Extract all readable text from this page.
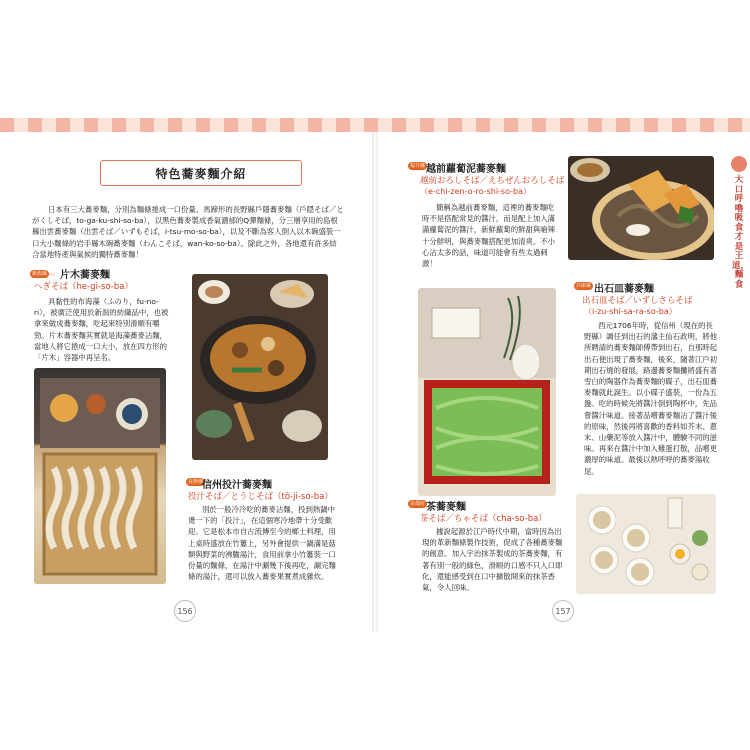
特色蕎麥麵介紹

日本有三大蕎麥麵，分別為麵條捲成一口份量、馬蹄形的長野縣戶隱蕎麥麵（戶隠そば／とがくしそば，to-ga-ku-shi-so-ba），以黑色蕎麥製成香氣濃郁的Q彈麵條，分三層享用的島根縣出雲蕎麥麵（出雲そば／いずもそば，i-tsu-mo-so-ba），以及不斷為客人倒入以木碗盛裝一口大小麵條的岩手縣木碗蕎麥麵（わんこそば，wan-ko-so-ba）。除此之外，各地還有許多結合當地特產與氣候的獨特蕎麥麵！

新潟縣
〰 片木蕎麥麵

へぎそば（he-gi-so-ba）

具黏性的布海藻（ふのり，fu-no-ri），被廣泛使用於新潟的紡織品中，也被拿來做成蕎麥麵，吃起來特別滑順有嚼勁。片木蕎麥麵其實就是海藻蕎麥沾麵，當地人將它捲成一口大小，放在四方形的「片木」容器中再呈名。

長野縣

信州投汁蕎麥麵

投汁そば／とうじそば（tō-ji-so-ba）

別於一般冷冷吃的蕎麥沾麵，投到熱鍋中燙一下的「投汁」，在這個寒冷地帶十分受歡迎。它是松本市自古流傳至今的鄉土料理，用上桌時盛放在竹簍上，另外會提供一鍋滿是菇類與野菜的沸騰湯汁，食用前拿小竹簍裝一口份量的麵條，在湯汁中涮幾下後再吃，涮完麵條的湯汁，還可以放入蕎麥果實煮成雜炊。

156
福井縣 越前蘿蔔泥蕎麥麵

越前おろしそば／えちぜんおろしそば

（e-chi-zen-o-ro-shi-so-ba）

簡稱為越前蕎麥麵，這裡的蕎麥麵吃時不是搭配常見的醬汁，而是配上加入滿滿蘿蔔泥的醬汁，新鮮蘿蔔的鮮甜與嗆辣十分鮮明，與蕎麥麵搭配更加清爽。不小心沾太多的話，味道可能會有些太過刺激！

兵庫縣 出石皿蕎麥麵

出石皿そば／いずしさらそば

（i-zu-shi-sa-ra-so-ba）

西元1706年時，從信州（現在的長野縣）調任到出石的藩主仙石政明，將他所聘請的蕎麥麵師傅帶到出石，自那時起出石便出現了蕎麥麵，後來，隨著江戶初期出石燒的發展，路邊蕎麥麵攤將盛有著雪白的陶器作為蕎麥麵的碟子，出石皿蕎麥麵就此誕生。以小碟子盛裝，一份為五盤。吃的時候先將醬汁倒到陶杯中，先品嘗醬汁味道。接著品嚐蕎麥麵沾了醬汁後的原味，然後再將喜歡的香料如芥末、蔥末、山藥泥等放入醬汁中，體驗不同的滋味。再來在醬汁中加入雞蛋打散，品嚐更濃厚的味道。最後以熱呼呼的蕎麥湯收尾。

京都府 茶蕎麥麵

茶そば／ちゃそば（cha-so-ba）

據說起源於江戶時代中期，當時因為出現的革新麵條製作技術，促成了各種蕎麥麵的創意。加入宇治抹茶製成的茶蕎麥麵，有著有別一般的綠色，滑順的口感不只入口即化，還能感受到在口中擴散開來的抹茶香氣，令人回味。

157
大口呼嚕吸食才是王道，麵食
